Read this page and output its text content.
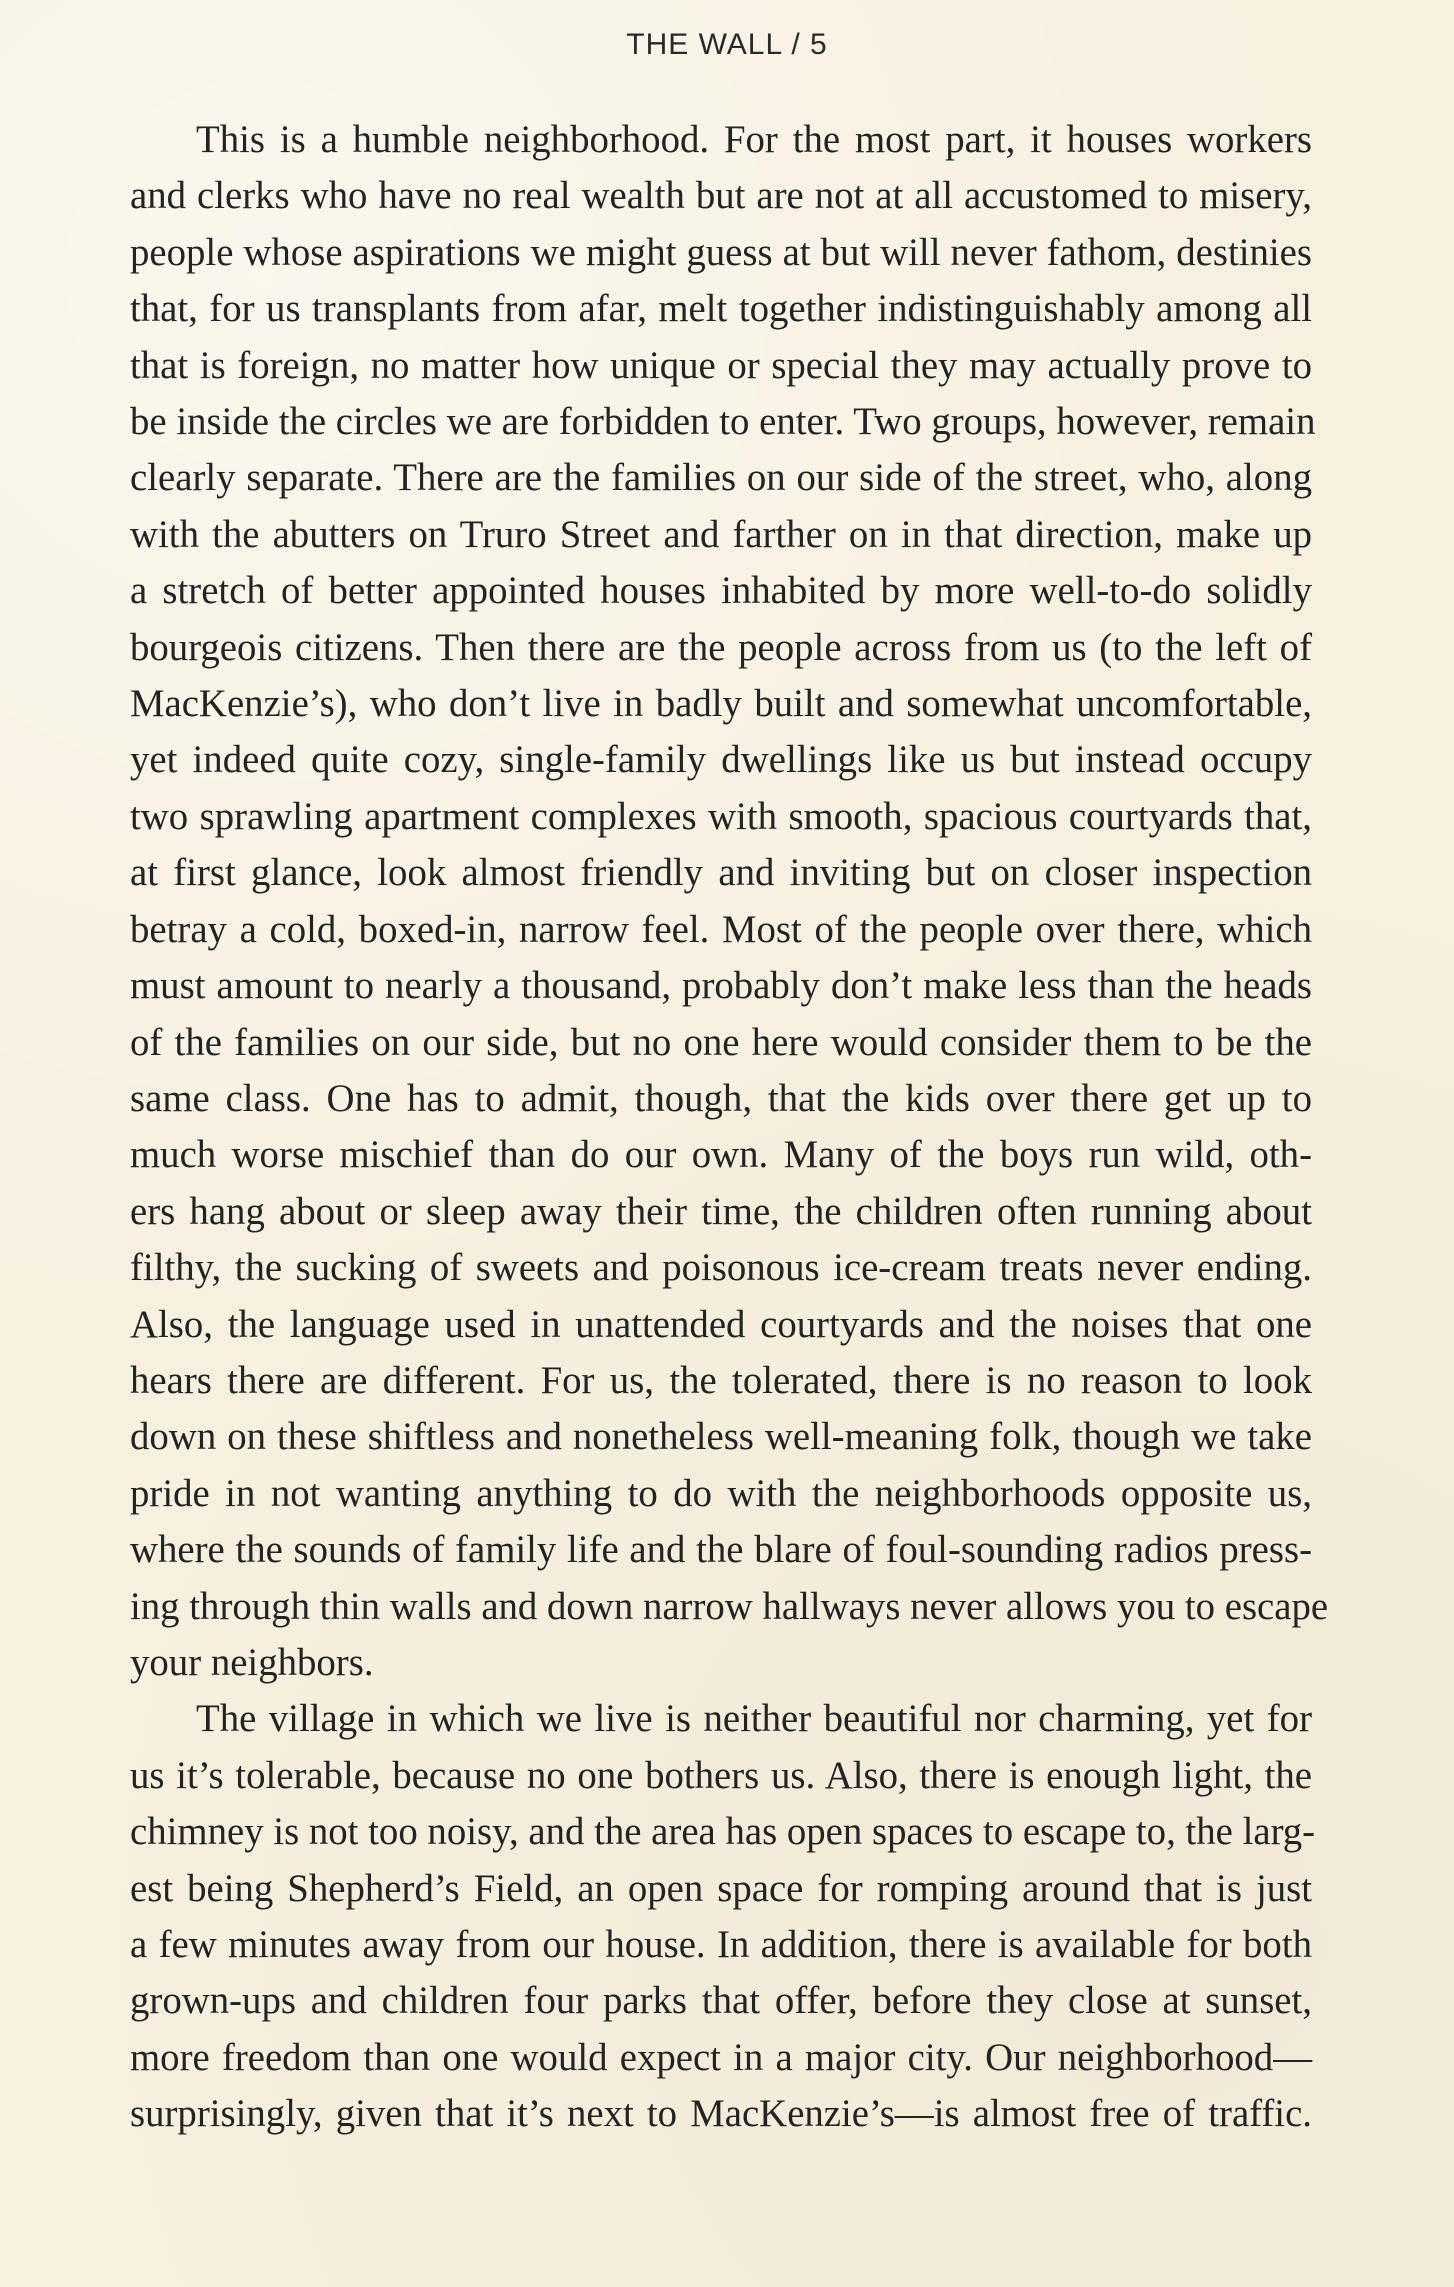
THE WALL / 5

This is a humble neighborhood. For the most part, it houses workers
and clerks who have no real wealth but are not at all accustomed to misery,
people whose aspirations we might guess at but will never fathom, destinies
that, for us transplants from afar, melt together indistinguishably among all
that is foreign, no matter how unique or special they may actually prove to
be inside the circles we are forbidden to enter. Two groups, however, remain
clearly separate. There are the families on our side of the street, who, along
with the abutters on Truro Street and farther on in that direction, make up
a stretch of better appointed houses inhabited by more well-to-do solidly
bourgeois citizens. Then there are the people across from us (to the left of
MacKenzie’s), who don’t live in badly built and somewhat uncomfortable,
yet indeed quite cozy, single-family dwellings like us but instead occupy
two sprawling apartment complexes with smooth, spacious courtyards that,
at first glance, look almost friendly and inviting but on closer inspection
betray a cold, boxed-in, narrow feel. Most of the people over there, which
must amount to nearly a thousand, probably don’t make less than the heads
of the families on our side, but no one here would consider them to be the
same class. One has to admit, though, that the kids over there get up to
much worse mischief than do our own. Many of the boys run wild, oth-
ers hang about or sleep away their time, the children often running about
filthy, the sucking of sweets and poisonous ice-cream treats never ending.
Also, the language used in unattended courtyards and the noises that one
hears there are different. For us, the tolerated, there is no reason to look
down on these shiftless and nonetheless well-meaning folk, though we take
pride in not wanting anything to do with the neighborhoods opposite us,
where the sounds of family life and the blare of foul-sounding radios press-
ing through thin walls and down narrow hallways never allows you to escape
your neighbors.

The village in which we live is neither beautiful nor charming, yet for
us it’s tolerable, because no one bothers us. Also, there is enough light, the
chimney is not too noisy, and the area has open spaces to escape to, the larg-
est being Shepherd’s Field, an open space for romping around that is just
a few minutes away from our house. In addition, there is available for both
grown-ups and children four parks that offer, before they close at sunset,
more freedom than one would expect in a major city. Our neighborhood—
surprisingly, given that it’s next to MacKenzie’s—is almost free of traffic.
